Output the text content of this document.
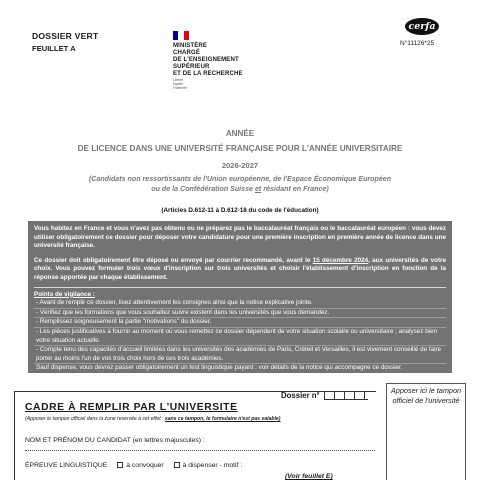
DOSSIER VERT
FEUILLET A	MINISTÈRE
CHARGÉ
DE L'ENSEIGNEMENT
SUPÉRIEUR
ET DE LA RECHERCHE
Liberté
Égalité
Fraternité
cerfa
N°11126*25
ANNÉE
DE LICENCE DANS UNE UNIVERSITÉ FRANÇAISE POUR L'ANNÉE UNIVERSITAIRE
2026-2027
(Candidats non ressortissants de l'Union européenne, de l'Espace Économique Européen
ou de la Confédération Suisse et résidant en France)
(Articles D.612-11 à D.612-18 du code de l'éducation)

Vous habitez en France et vous n'avez pas obtenu ou ne préparez pas le baccalauréat français ou le baccalauréat européen : vous devez utiliser obligatoirement ce dossier pour déposer votre candidature pour une première inscription en première année de licence dans une université française.

Ce dossier doit obligatoirement être déposé ou envoyé par courrier recommandé, avant le 15 décembre 2024, aux universités de votre choix. Vous pouvez formuler trois vœux d'inscription sur trois universités et choisir l'établissement d'inscription en fonction de la réponse apportée par chaque établissement.

Points de vigilance :
- Avant de remplir ce dossier, lisez attentivement les consignes ainsi que la notice explicative jointe.
- Vérifiez que les formations que vous souhaitez suivre existent dans les universités que vous demandez.
- Remplissez soigneusement la partie "motivations" du dossier.
- Les pièces justificatives à fournir au moment où vous remettez ce dossier dépendent de votre situation scolaire ou universitaire ; analysez bien votre situation actuelle.
- Compte tenu des capacités d'accueil limitées dans les universités des académies de Paris, Créteil et Versailles, il est vivement conseillé de faire porter au moins l'un de vos trois choix hors de ces trois académies.
Sauf dispense, vous devrez passer obligatoirement un test linguistique payant : voir détails de la notice qui accompagne ce dossier.
Dossier n°
Apposer ici le tampon officiel de l'université
CADRE À REMPLIR PAR L'UNIVERSITE
(Apposer le tampon officiel dans la zone reservée à cet effet : sans ce tampon, le formulaire n'est pas valable)
NOM ET PRÉNOM DU CANDIDAT (en lettres majuscules) :
ÉPREUVE LINGUISTIQUE	à convoquer	à dispenser - motif :
(Voir feuillet E)
